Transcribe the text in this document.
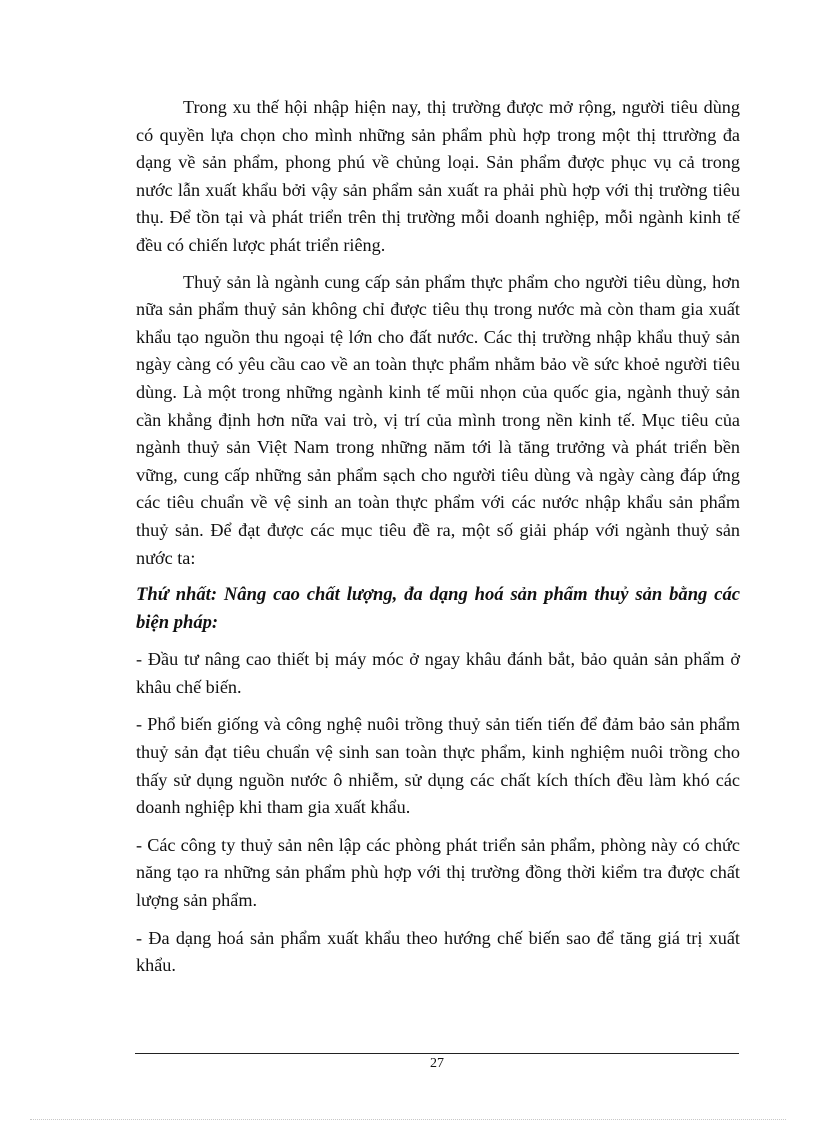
Trong xu thế hội nhập hiện nay, thị trường được mở rộng, người tiêu dùng có quyền lựa chọn cho mình những sản phẩm phù hợp trong một thị ttrường đa dạng về sản phẩm, phong phú về chủng loại. Sản phẩm được phục vụ cả trong nước lẫn xuất khẩu bởi vậy sản phẩm sản xuất ra phải phù hợp với thị trường tiêu thụ. Để tồn tại và phát triển trên thị trường mỗi doanh nghiệp, mỗi ngành kinh tế đều có chiến lược phát triển riêng.

Thuỷ sản là ngành cung cấp sản phẩm thực phẩm cho người tiêu dùng, hơn nữa sản phẩm thuỷ sản không chỉ được tiêu thụ trong nước mà còn tham gia xuất khẩu tạo nguồn thu ngoại tệ lớn cho đất nước. Các thị trường nhập khẩu thuỷ sản ngày càng có yêu cầu cao về an toàn thực phẩm nhằm bảo về sức khoẻ người tiêu dùng. Là một trong những ngành kinh tế mũi nhọn của quốc gia, ngành thuỷ sản cần khẳng định hơn nữa vai trò, vị trí của mình trong nền kinh tế. Mục tiêu của ngành thuỷ sản Việt Nam trong những năm tới là tăng trưởng và phát triển bền vững, cung cấp những sản phẩm sạch cho người tiêu dùng và ngày càng đáp ứng các tiêu chuẩn về vệ sinh an toàn thực phẩm với các nước nhập khẩu sản phẩm thuỷ sản. Để đạt được các mục tiêu đề ra, một số giải pháp với ngành thuỷ sản nước ta:

Thứ nhất: Nâng cao chất lượng, đa dạng hoá sản phẩm thuỷ sản bằng các biện pháp:

- Đầu tư nâng cao thiết bị máy móc ở ngay khâu đánh bắt, bảo quản sản phẩm ở khâu chế biến.

- Phổ biến giống và công nghệ nuôi trồng thuỷ sản tiến tiến để đảm bảo sản phẩm thuỷ sản đạt tiêu chuẩn vệ sinh san toàn thực phẩm, kinh nghiệm nuôi trồng cho thấy sử dụng nguồn nước ô nhiễm, sử dụng các chất kích thích đều làm khó các doanh nghiệp khi tham gia xuất khẩu.

- Các công ty thuỷ sản nên lập các phòng phát triển sản phẩm, phòng này có chức năng tạo ra những sản phẩm phù hợp với thị trường đồng thời kiểm tra được chất lượng sản phẩm.

- Đa dạng hoá sản phẩm xuất khẩu theo hướng chế biến sao để tăng giá trị xuất khẩu.

27
